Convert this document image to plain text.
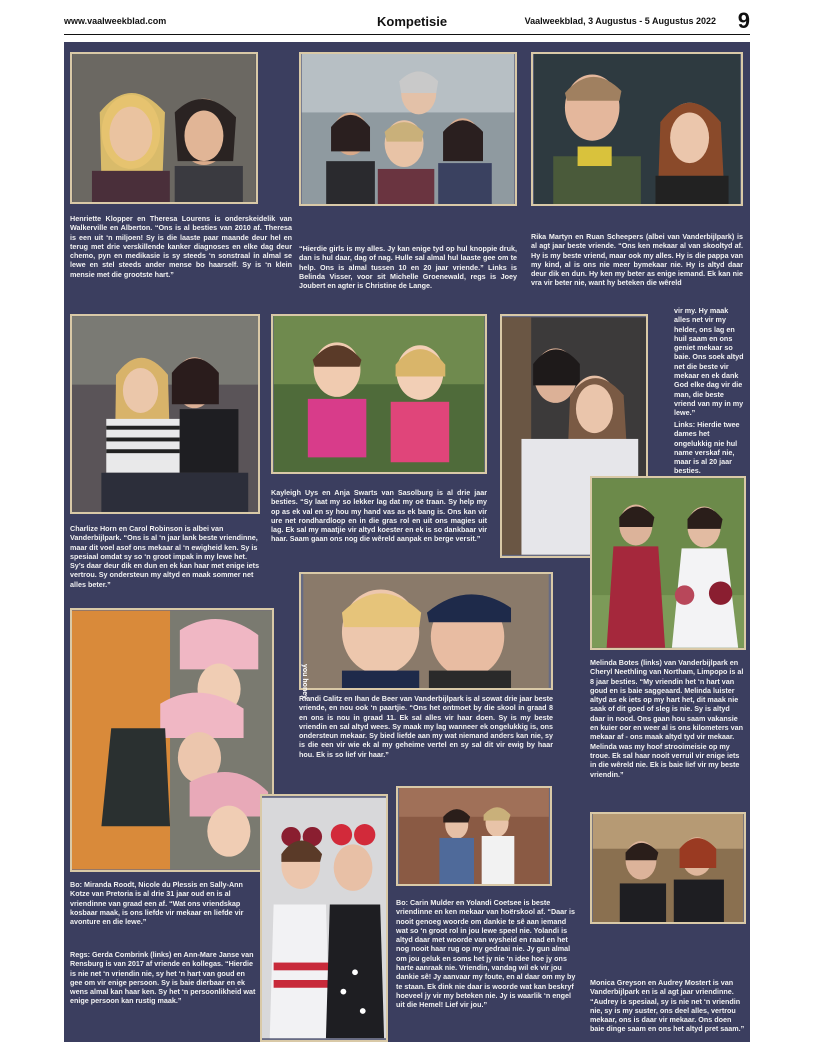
www.vaalweekblad.com	Kompetisie	Vaalweekblad, 3 Augustus - 5 Augustus 2022 9

Henriette Klopper en Theresa Lourens is onderskeidelik van Walkerville en Alberton. “Ons is al besties van 2010 af. Theresa is een uit ‘n miljoen! Sy is die laaste paar maande deur hel en terug met drie verskillende kanker diagnoses en elke dag deur chemo, pyn en medikasie is sy steeds ‘n sonstraal in almal se lewe en stel steeds ander mense bo haarself. Sy is ‘n klein mensie met die grootste hart.”

“Hierdie girls is my alles. Jy kan enige tyd op hul knoppie druk, dan is hul daar, dag of nag. Hulle sal almal hul laaste gee om te help. Ons is almal tussen 10 en 20 jaar vriende.” Links is Belinda Visser, voor sit Michelle Groenewald, regs is Joey Joubert en agter is Christine de Lange.

Rika Martyn en Ruan Scheepers (albei van Vanderbijlpark) is al agt jaar beste vriende. “Ons ken mekaar al van skooltyd af. Hy is my beste vriend, maar ook my alles. Hy is die pappa van my kind, al is ons nie meer bymekaar nie. Hy is altyd daar deur dik en dun. Hy ken my beter as enige iemand. Ek kan nie vra vir beter nie, want hy beteken die wêreld

vir my. Hy maak alles net vir my helder, ons lag en huil saam en ons geniet mekaar so baie. Ons soek altyd net die beste vir mekaar en ek dank God elke dag vir die man, die beste vriend van my in my lewe.”

Links: Hierdie twee dames het ongelukkig nie hul name verskaf nie, maar is al 20 jaar besties.

Kayleigh Uys en Anja Swarts van Sasolburg is al drie jaar besties. “Sy laat my so lekker lag dat my oë traan. Sy help my op as ek val en sy hou my hand vas as ek bang is. Ons kan vir ure net rondhardloop en in die gras rol en uit ons magies uit lag. Ek sal my maatjie vir altyd koester en ek is so dankbaar vir haar. Saam gaan ons nog die wêreld aanpak en berge versit.”

Charlize Horn en Carol Robinson is albei van Vanderbijlpark. “Ons is al ‘n jaar lank beste vriendinne, maar dit voel asof ons mekaar al ‘n ewigheid ken. Sy is spesiaal omdat sy so ‘n groot impak in my lewe het. Sy’s daar deur dik en dun en ek kan haar met enige iets vertrou. Sy ondersteun my altyd en maak sommer net alles beter.”

you honey

Riandi Calitz en Ihan de Beer van Vanderbijlpark is al sowat drie jaar beste vriende, en nou ook ‘n paartjie. “Ons het ontmoet by die skool in graad 8 en ons is nou in graad 11. Ek sal alles vir haar doen. Sy is my beste vriendin en sal altyd wees. Sy maak my lag wanneer ek ongelukkig is, ons ondersteun mekaar. Sy bied liefde aan my wat niemand anders kan nie, sy is die een vir wie ek al my geheime vertel en sy sal dit vir ewig by haar hou. Ek is so lief vir haar.”

Melinda Botes (links) van Vanderbijlpark en Cheryl Neethling van Northam, Limpopo is al 8 jaar besties. “My vriendin het ‘n hart van goud en is baie saggeaard. Melinda luister altyd as ek iets op my hart het, dit maak nie saak of dit goed of sleg is nie. Sy is altyd daar in nood. Ons gaan hou saam vakansie en kuier oor en weer al is ons kilometers van mekaar af - ons maak altyd tyd vir mekaar. Melinda was my hoof strooimeisie op my troue. Ek sal haar nooit verruil vir enige iets in die wêreld nie. Ek is baie lief vir my beste vriendin.”

Bo: Miranda Roodt, Nicole du Plessis en Sally-Ann Kotze van Pretoria is al drie 31 jaar oud en is al vriendinne van graad een af. “Wat ons vriendskap kosbaar maak, is ons liefde vir mekaar en liefde vir avonture en die lewe.”

Regs: Gerda Combrink (links) en Ann-Mare Janse van Rensburg is van 2017 af vriende en kollegas. “Hierdie is nie net ‘n vriendin nie, sy het ‘n hart van goud en gee om vir enige persoon. Sy is baie dierbaar en ek wens almal kan haar ken. Sy het ‘n persoonlikheid wat enige persoon kan rustig maak.”

Bo: Carin Mulder en Yolandi Coetsee is beste vriendinne en ken mekaar van hoërskool af. “Daar is nooit genoeg woorde om dankie te sê aan iemand wat so ‘n groot rol in jou lewe speel nie. Yolandi is altyd daar met woorde van wysheid en raad en het nog nooit haar rug op my gedraai nie. Jy gun almal om jou geluk en soms het jy nie ‘n idee hoe jy ons harte aanraak nie. Vriendin, vandag wil ek vir jou dankie sê! Jy aanvaar my foute, en al daar om my by te staan. Ek dink nie daar is woorde wat kan beskryf hoeveel jy vir my beteken nie. Jy is waarlik ‘n engel uit die Hemel! Lief vir jou.”

Monica Greyson en Audrey Mostert is van Vanderbijlpark en is al agt jaar vriendinne. “Audrey is spesiaal, sy is nie net ‘n vriendin nie, sy is my suster, ons deel alles, vertrou mekaar, ons is daar vir mekaar. Ons doen baie dinge saam en ons het altyd pret saam.”
